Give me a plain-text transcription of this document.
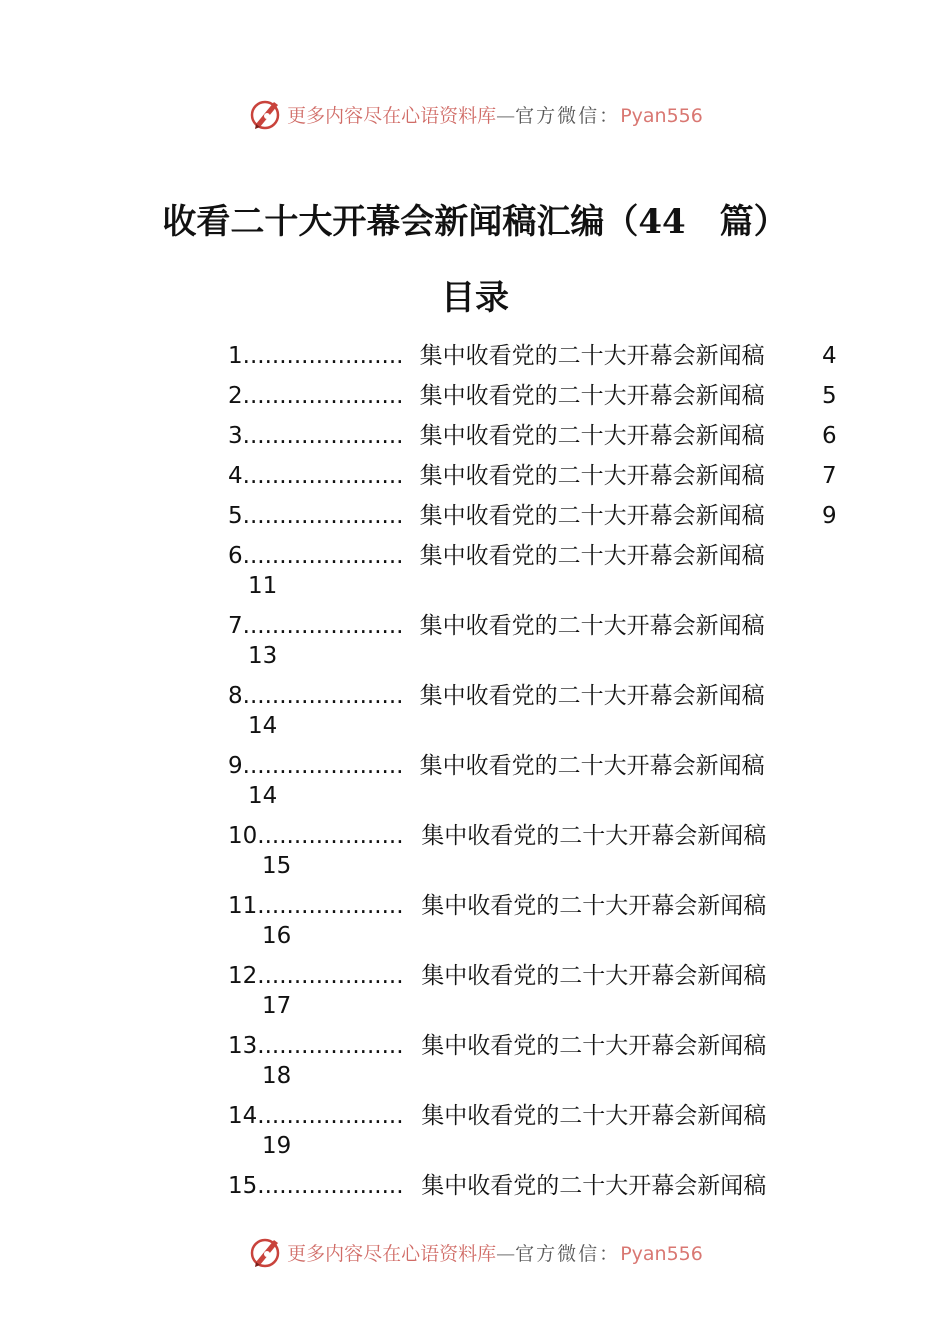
更多内容尽在心语资料库—官方微信：Pyan556
收看二十大开幕会新闻稿汇编（44　篇）
目录
1...................... 集中收看党的二十大开幕会新闻稿 4
2...................... 集中收看党的二十大开幕会新闻稿 5
3...................... 集中收看党的二十大开幕会新闻稿 6
4...................... 集中收看党的二十大开幕会新闻稿 7
5...................... 集中收看党的二十大开幕会新闻稿 9
6...................... 集中收看党的二十大开幕会新闻稿
11
7...................... 集中收看党的二十大开幕会新闻稿
13
8...................... 集中收看党的二十大开幕会新闻稿
14
9...................... 集中收看党的二十大开幕会新闻稿
14
10.................... 集中收看党的二十大开幕会新闻稿
15
11.................... 集中收看党的二十大开幕会新闻稿
16
12.................... 集中收看党的二十大开幕会新闻稿
17
13.................... 集中收看党的二十大开幕会新闻稿
18
14.................... 集中收看党的二十大开幕会新闻稿
19
15.................... 集中收看党的二十大开幕会新闻稿
更多内容尽在心语资料库—官方微信：Pyan556
